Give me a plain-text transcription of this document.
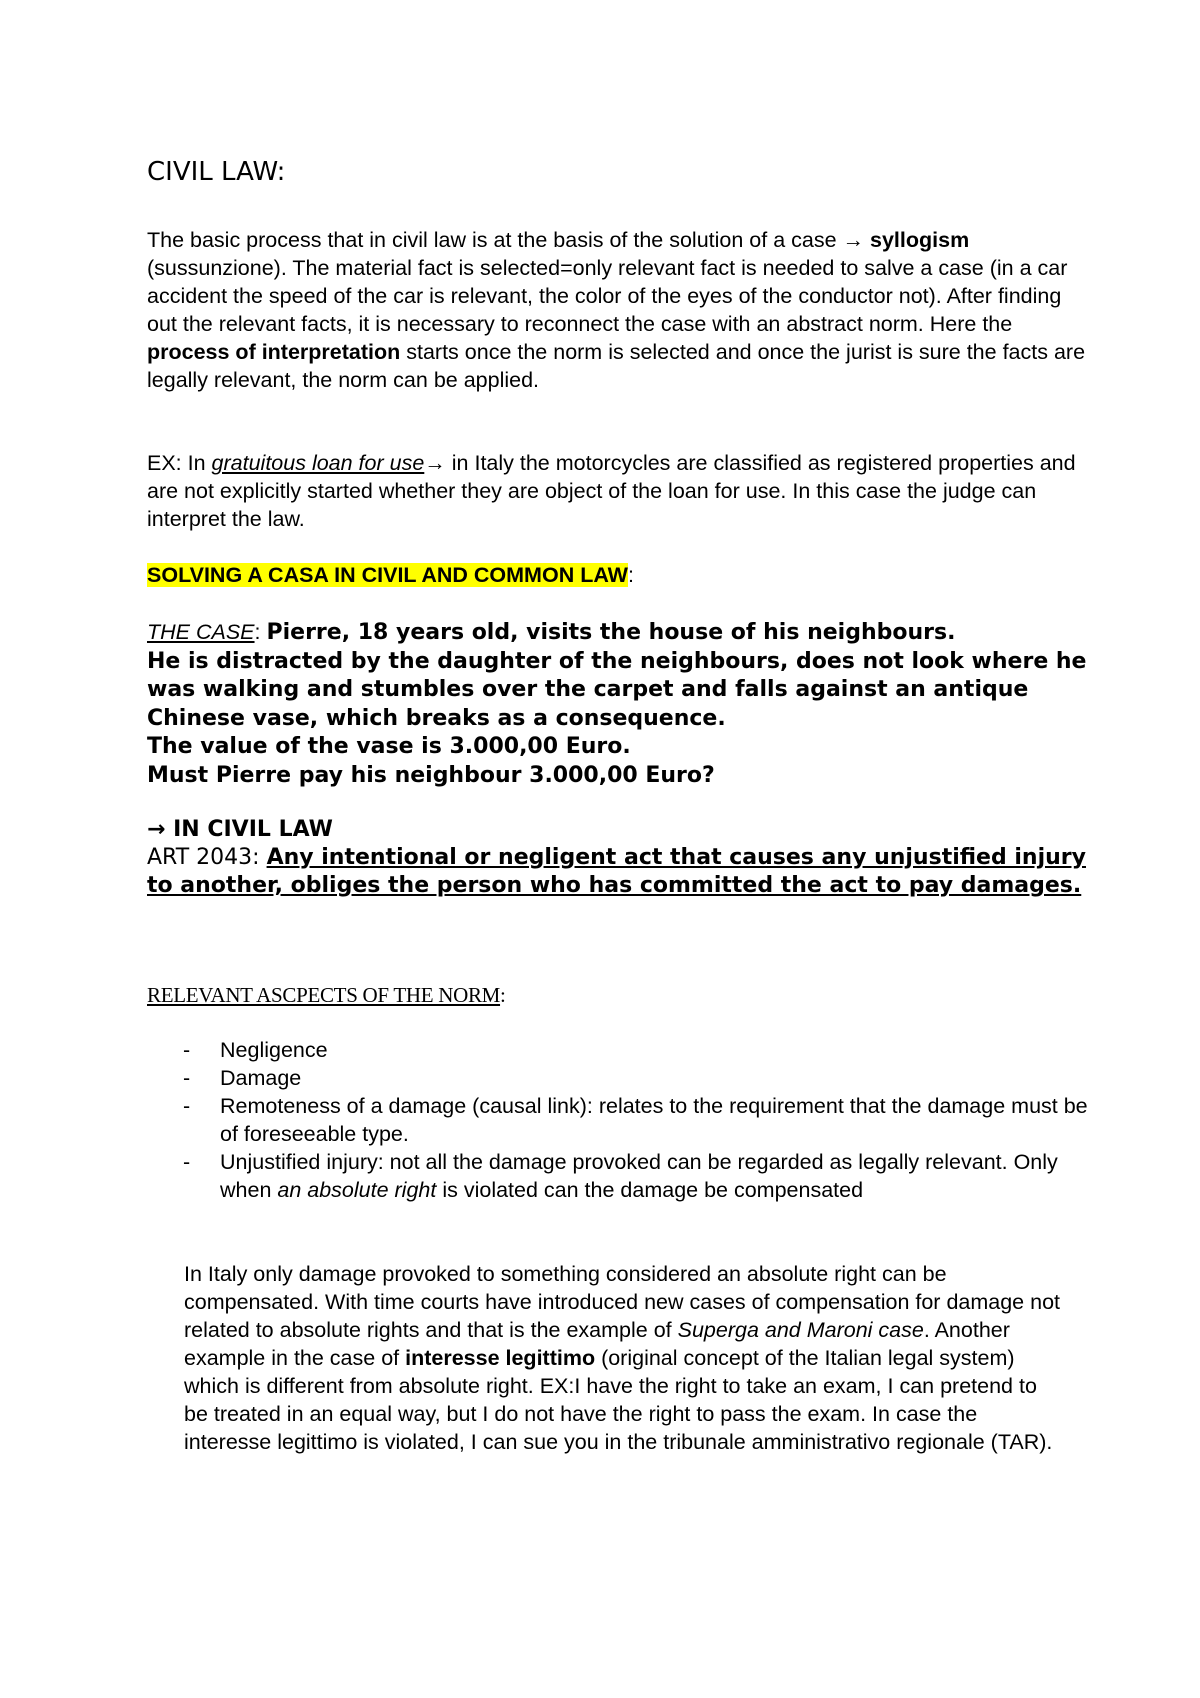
CIVIL LAW:
The basic process that in civil law is at the basis of the solution of a case → syllogism (sussunzione). The material fact is selected=only relevant fact is needed to salve a case (in a car accident the speed of the car is relevant, the color of the eyes of the conductor not). After finding out the relevant facts, it is necessary to reconnect the case with an abstract norm. Here the process of interpretation starts once the norm is selected and once the jurist is sure the facts are legally relevant, the norm can be applied.
EX: In gratuitous loan for use→ in Italy the motorcycles are classified as registered properties and are not explicitly started whether they are object of the loan for use. In this case the judge can interpret the law.
SOLVING A CASA IN CIVIL AND COMMON LAW:
THE CASE: Pierre, 18 years old, visits the house of his neighbours.
He is distracted by the daughter of the neighbours, does not look where he was walking and stumbles over the carpet and falls against an antique Chinese vase, which breaks as a consequence.
The value of the vase is 3.000,00 Euro.
Must Pierre pay his neighbour 3.000,00 Euro?
→ IN CIVIL LAW
ART 2043: Any intentional or negligent act that causes any unjustified injury to another, obliges the person who has committed the act to pay damages.
RELEVANT ASCPECTS OF THE NORM:
- Negligence
- Damage
- Remoteness of a damage (causal link): relates to the requirement that the damage must be of foreseeable type.
- Unjustified injury: not all the damage provoked can be regarded as legally relevant. Only when an absolute right is violated can the damage be compensated
In Italy only damage provoked to something considered an absolute right can be compensated. With time courts have introduced new cases of compensation for damage not related to absolute rights and that is the example of Superga and Maroni case. Another example in the case of interesse legittimo (original concept of the Italian legal system) which is different from absolute right. EX:I have the right to take an exam, I can pretend to be treated in an equal way, but I do not have the right to pass the exam. In case the interesse legittimo is violated, I can sue you in the tribunale amministrativo regionale (TAR).
